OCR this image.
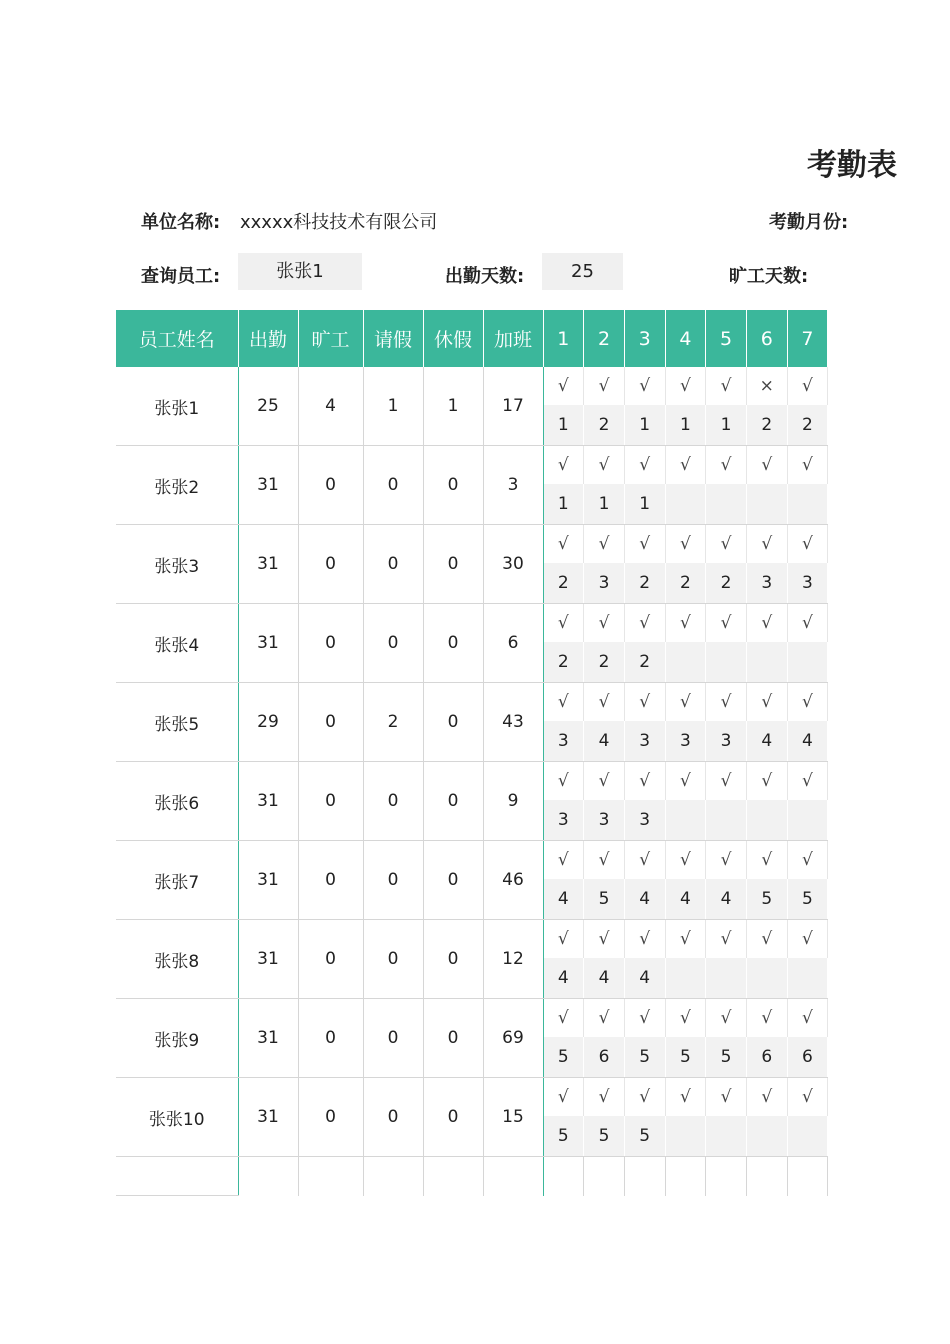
考勤表
单位名称: xxxxx科技技术有限公司	考勤月份:
查询员工:	张张1	出勤天数:	25	旷工天数:
员工姓名	出勤	旷工	请假	休假	加班	1	2	3	4	5	6	7
张张1	25	4	1	1	17	√	√	√	√	√	×	√
						1	2	1	1	1	2	2
张张2	31	0	0	0	3	√	√	√	√	√	√	√
						1	1	1				
张张3	31	0	0	0	30	√	√	√	√	√	√	√
						2	3	2	2	2	3	3
张张4	31	0	0	0	6	√	√	√	√	√	√	√
						2	2	2				
张张5	29	0	2	0	43	√	√	√	√	√	√	√
						3	4	3	3	3	4	4
张张6	31	0	0	0	9	√	√	√	√	√	√	√
						3	3	3				
张张7	31	0	0	0	46	√	√	√	√	√	√	√
						4	5	4	4	4	5	5
张张8	31	0	0	0	12	√	√	√	√	√	√	√
						4	4	4				
张张9	31	0	0	0	69	√	√	√	√	√	√	√
						5	6	5	5	5	6	6
张张10	31	0	0	0	15	√	√	√	√	√	√	√
						5	5	5				
